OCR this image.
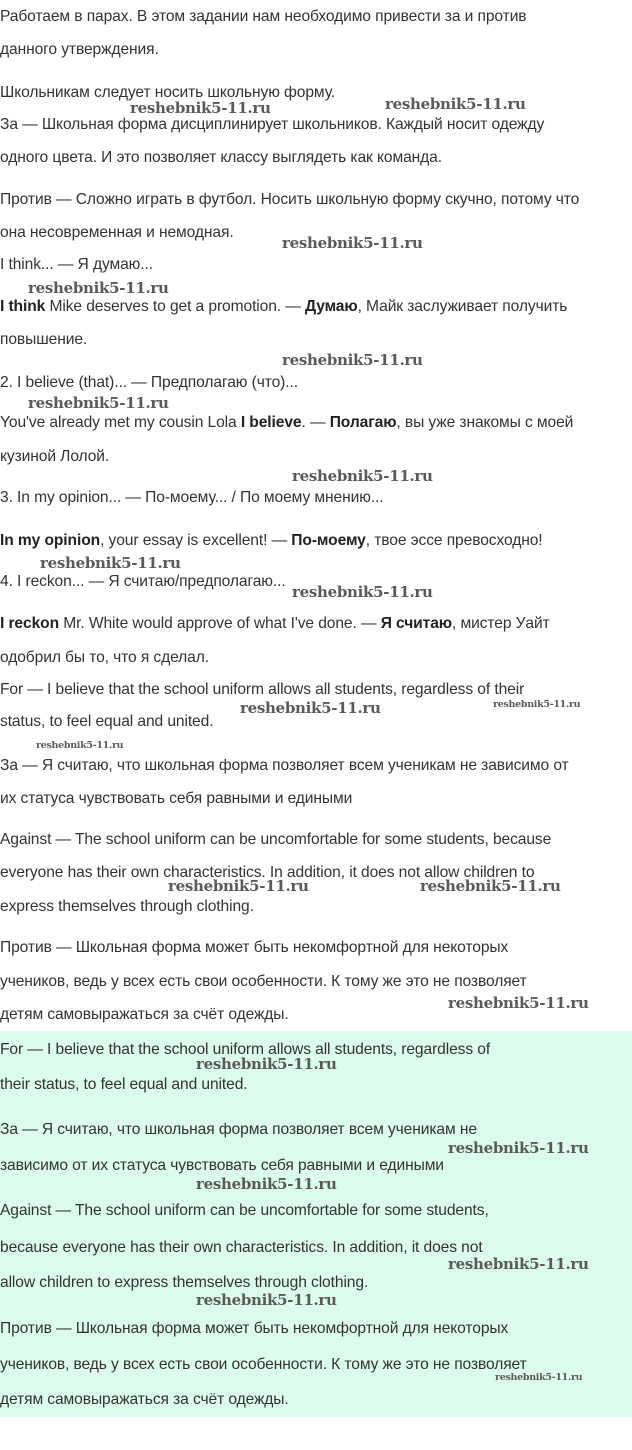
Работаем в парах. В этом задании нам необходимо привести за и против
данного утверждения.
Школьникам следует носить школьную форму.
За — Школьная форма дисциплинирует школьников. Каждый носит одежду
одного цвета. И это позволяет классу выглядеть как команда.
Против — Сложно играть в футбол. Носить школьную форму скучно, потому что
она несовременная и немодная.
I think... — Я думаю...
I think Mike deserves to get a promotion. — Думаю, Майк заслуживает получить
повышение.
2. I believe (that)... — Предполагаю (что)...
You've already met my cousin Lola I believe. — Полагаю, вы уже знакомы с моей
кузиной Лолой.
3. In my opinion... — По-моему... / По моему мнению...
In my opinion, your essay is excellent! — По-моему, твое эссе превосходно!
4. I reckon... — Я считаю/предполагаю...
I reckon Mr. White would approve of what I've done. — Я считаю, мистер Уайт
одобрил бы то, что я сделал.
For — I believe that the school uniform allows all students, regardless of their
status, to feel equal and united.
За — Я считаю, что школьная форма позволяет всем ученикам не зависимо от
их статуса чувствовать себя равными и едиными
Against — The school uniform can be uncomfortable for some students, because
everyone has their own characteristics. In addition, it does not allow children to
express themselves through clothing.
Против — Школьная форма может быть некомфортной для некоторых
учеников, ведь у всех есть свои особенности. К тому же это не позволяет
детям самовыражаться за счёт одежды.
For — I believe that the school uniform allows all students, regardless of
their status, to feel equal and united.
За — Я считаю, что школьная форма позволяет всем ученикам не
зависимо от их статуса чувствовать себя равными и едиными
Against — The school uniform can be uncomfortable for some students,
because everyone has their own characteristics. In addition, it does not
allow children to express themselves through clothing.
Против — Школьная форма может быть некомфортной для некоторых
учеников, ведь у всех есть свои особенности. К тому же это не позволяет
детям самовыражаться за счёт одежды.
reshebnik5-11.ru	reshebnik5-11.ru
reshebnik5-11.ru
reshebnik5-11.ru
reshebnik5-11.ru
reshebnik5-11.ru
reshebnik5-11.ru
reshebnik5-11.ru
reshebnik5-11.ru
reshebnik5-11.ru	reshebnik5-11.ru
reshebnik5-11.ru
reshebnik5-11.ru	reshebnik5-11.ru
reshebnik5-11.ru
reshebnik5-11.ru
reshebnik5-11.ru
reshebnik5-11.ru
reshebnik5-11.ru
reshebnik5-11.ru
reshebnik5-11.ru
